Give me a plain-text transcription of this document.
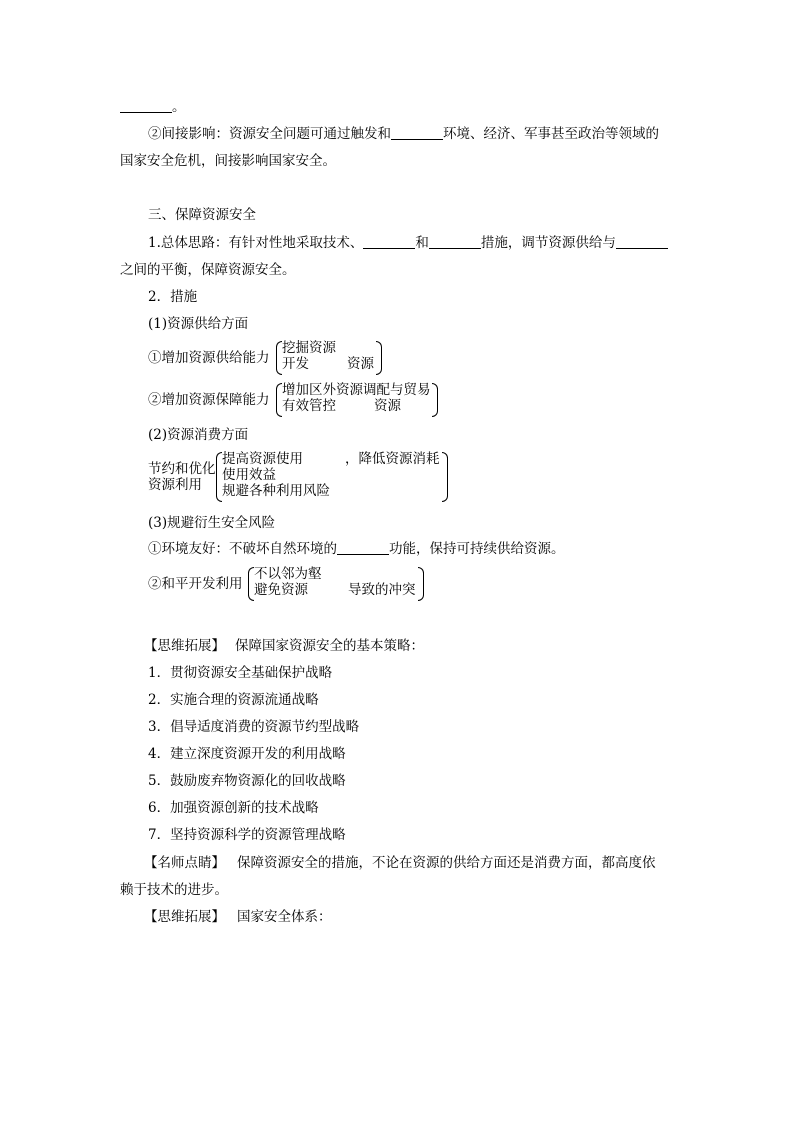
。
②间接影响：资源安全问题可通过触发和	环境、经济、军事甚至政治等领域的
国家安全危机，间接影响国家安全。
三、保障资源安全
1.总体思路：有针对性地采取技术、	和	措施，调节资源供给与
之间的平衡，保障资源安全。
2．措施
(1)资源供给方面
①增加资源供给能力
挖掘资源
开发	资源
②增加资源保障能力
增加区外资源调配与贸易
有效管控	资源
(2)资源消费方面
节约和优化
资源利用
提高资源使用	，降低资源消耗
使用效益
规避各种利用风险
(3)规避衍生安全风险
①环境友好：不破坏自然环境的	功能，保持可持续供给资源。
②和平开发利用
不以邻为壑
避免资源	导致的冲突
【思维拓展】 保障国家资源安全的基本策略：
1．贯彻资源安全基础保护战略
2．实施合理的资源流通战略
3．倡导适度消费的资源节约型战略
4．建立深度资源开发的利用战略
5．鼓励废弃物资源化的回收战略
6．加强资源创新的技术战略
7．坚持资源科学的资源管理战略
【名师点睛】 保障资源安全的措施，不论在资源的供给方面还是消费方面，都高度依
赖于技术的进步。
【思维拓展】 国家安全体系：
